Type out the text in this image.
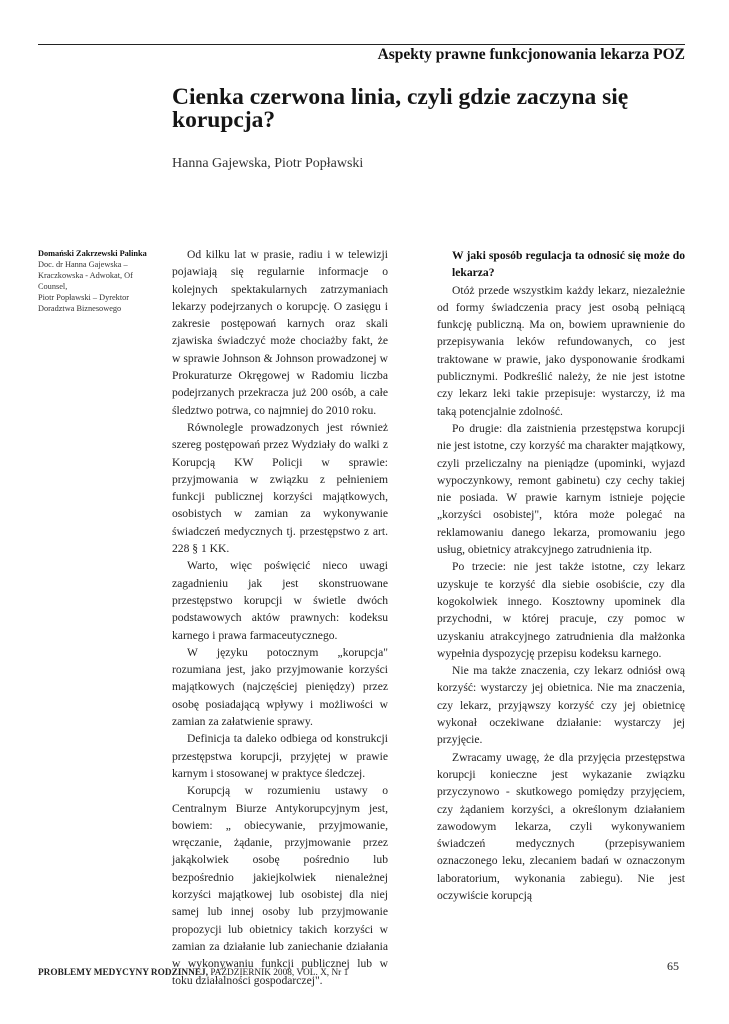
Aspekty prawne funkcjonowania lekarza POZ
Cienka czerwona linia, czyli gdzie zaczyna się korupcja?
Hanna Gajewska, Piotr Popławski
Domański Zakrzewski Palinka
Doc. dr Hanna Gajewska – Kraczkowska - Adwokat, Of Counsel,
Piotr Popławski – Dyrektor Doradztwa Biznesowego

Od kilku lat w prasie, radiu i w telewizji pojawiają się regularnie informacje o kolejnych spektakularnych zatrzymaniach lekarzy podejrzanych o korupcję. O zasięgu i zakresie postępowań karnych oraz skali zjawiska świadczyć może chociażby fakt, że w sprawie Johnson & Johnson prowadzonej w Prokuraturze Okręgowej w Radomiu liczba podejrzanych przekracza już 200 osób, a całe śledztwo potrwa, co najmniej do 2010 roku.

Równolegle prowadzonych jest również szereg postępowań przez Wydziały do walki z Korupcją KW Policji w sprawie: przyjmowania w związku z pełnieniem funkcji publicznej korzyści majątkowych, osobistych w zamian za wykonywanie świadczeń medycznych tj. przestępstwo z art. 228 § 1 KK.

Warto, więc poświęcić nieco uwagi zagadnieniu jak jest skonstruowane przestępstwo korupcji w świetle dwóch podstawowych aktów prawnych: kodeksu karnego i prawa farmaceutycznego.

W języku potocznym „korupcja" rozumiana jest, jako przyjmowanie korzyści majątkowych (najczęściej pieniędzy) przez osobę posiadającą wpływy i możliwości w zamian za załatwienie sprawy.

Definicja ta daleko odbiega od konstrukcji przestępstwa korupcji, przyjętej w prawie karnym i stosowanej w praktyce śledczej.

Korupcją w rozumieniu ustawy o Centralnym Biurze Antykorupcyjnym jest, bowiem: „ obiecywanie, przyjmowanie, wręczanie, żądanie, przyjmowanie przez jakąkolwiek osobę pośrednio lub bezpośrednio jakiejkolwiek nienależnej korzyści majątkowej lub osobistej dla niej samej lub innej osoby lub przyjmowanie propozycji lub obietnicy takich korzyści w zamian za działanie lub zaniechanie działania w wykonywaniu funkcji publicznej lub w toku działalności gospodarczej".

W jaki sposób regulacja ta odnosić się może do lekarza?

Otóż przede wszystkim każdy lekarz, niezależnie od formy świadczenia pracy jest osobą pełniącą funkcję publiczną. Ma on, bowiem uprawnienie do przepisywania leków refundowanych, co jest traktowane w prawie, jako dysponowanie środkami publicznymi. Podkreślić należy, że nie jest istotne czy lekarz leki takie przepisuje: wystarczy, iż ma taką potencjalnie zdolność.

Po drugie: dla zaistnienia przestępstwa korupcji nie jest istotne, czy korzyść ma charakter majątkowy, czyli przeliczalny na pieniądze (upominki, wyjazd wypoczynkowy, remont gabinetu) czy cechy takiej nie posiada. W prawie karnym istnieje pojęcie „korzyści osobistej", która może polegać na reklamowaniu danego lekarza, promowaniu jego usług, obietnicy atrakcyjnego zatrudnienia itp.

Po trzecie: nie jest także istotne, czy lekarz uzyskuje te korzyść dla siebie osobiście, czy dla kogokolwiek innego. Kosztowny upominek dla przychodni, w której pracuje, czy pomoc w uzyskaniu atrakcyjnego zatrudnienia dla małżonka wypełnia dyspozycję przepisu kodeksu karnego.

Nie ma także znaczenia, czy lekarz odniósł ową korzyść: wystarczy jej obietnica. Nie ma znaczenia, czy lekarz, przyjąwszy korzyść czy jej obietnicę wykonał oczekiwane działanie: wystarczy jej przyjęcie.

Zwracamy uwagę, że dla przyjęcia przestępstwa korupcji konieczne jest wykazanie związku przyczynowo - skutkowego pomiędzy przyjęciem, czy żądaniem korzyści, a określonym działaniem zawodowym lekarza, czyli wykonywaniem świadczeń medycznych (przepisywaniem oznaczonego leku, zlecaniem badań w oznaczonym laboratorium, wykonania zabiegu). Nie jest oczywiście korupcją

PROBLEMY MEDYCYNY RODZINNEJ, PAŹDZIERNIK 2008, VOL. X, Nr 1	65
